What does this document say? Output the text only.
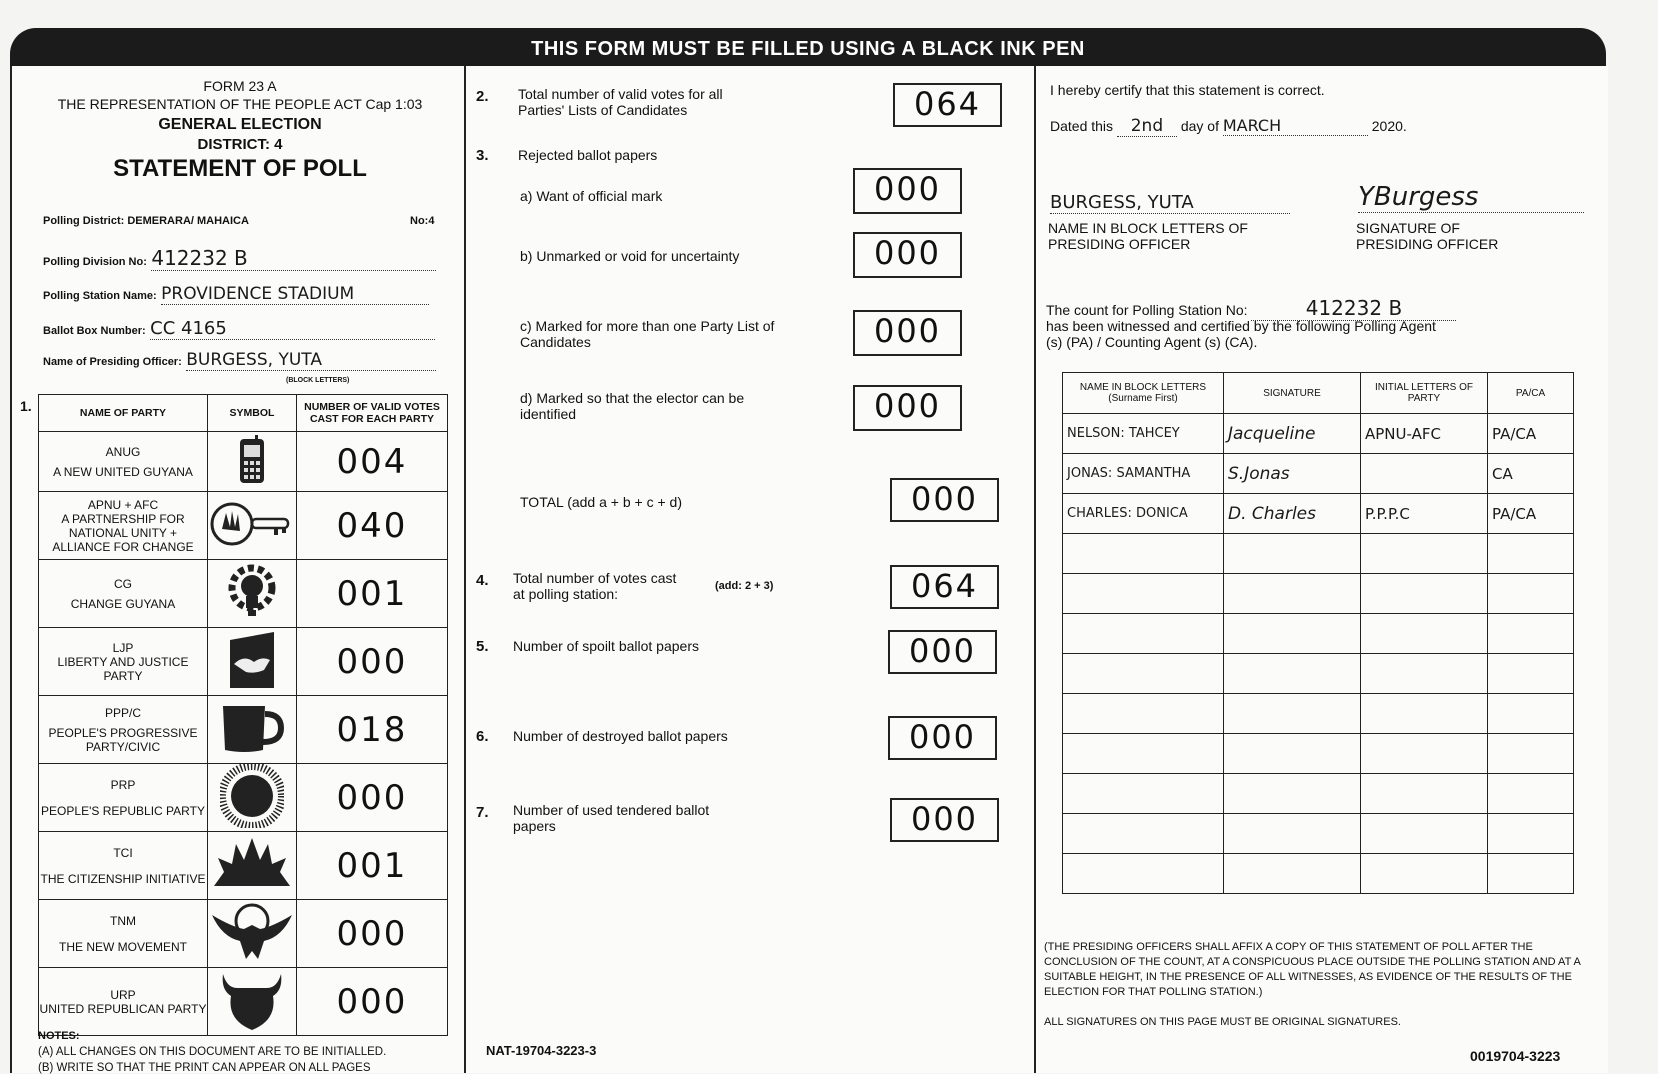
THIS FORM MUST BE FILLED USING A BLACK INK PEN
FORM 23 A
THE REPRESENTATION OF THE PEOPLE ACT Cap 1:03
GENERAL ELECTION
DISTRICT: 4
STATEMENT OF POLL
Polling District: DEMERARA/ MAHAICA	No:4
Polling Division No: 412232 B
Polling Station Name: PROVIDENCE STADIUM
Ballot Box Number: CC 4165
Name of Presiding Officer: BURGESS, YUTA
(BLOCK LETTERS)
1.	NAME OF PARTY	SYMBOL	NUMBER OF VALID VOTES CAST FOR EACH PARTY

ANUG
A NEW UNITED GUYANA		004

APNU + AFC
A PARTNERSHIP FOR NATIONAL UNITY + ALLIANCE FOR CHANGE		040

CG
CHANGE GUYANA		001

LJP
LIBERTY AND JUSTICE PARTY		000

PPP/C
PEOPLE'S PROGRESSIVE PARTY/CIVIC		018

PRP
PEOPLE'S REPUBLIC PARTY		000

TCI
THE CITIZENSHIP INITIATIVE		001

TNM
THE NEW MOVEMENT		000

URP
UNITED REPUBLICAN PARTY		000
NOTES:
(A) ALL CHANGES ON THIS DOCUMENT ARE TO BE INITIALLED.
(B) WRITE SO THAT THE PRINT CAN APPEAR ON ALL PAGES
2. Total number of valid votes for all Parties' Lists of Candidates	064
3. Rejected ballot papers
a) Want of official mark	000
b) Unmarked or void for uncertainty	000
c) Marked for more than one Party List of Candidates	000
d) Marked so that the elector can be identified	000
TOTAL (add a + b + c + d)	000
4. Total number of votes cast at polling station:	(add: 2 + 3)	064
5. Number of spoilt ballot papers	000
6. Number of destroyed ballot papers	000
7. Number of used tendered ballot papers	000
NAT-19704-3223-3
I hereby certify that this statement is correct.
Dated this 2nd day of MARCH	2020.
BURGESS, YUTA
NAME IN BLOCK LETTERS OF PRESIDING OFFICER
YBurgess
SIGNATURE OF PRESIDING OFFICER
The count for Polling Station No:	412232 B
has been witnessed and certified by the following Polling Agent (s) (PA) / Counting Agent (s) (CA).
NAME IN BLOCK LETTERS (Surname First)	SIGNATURE	INITIAL LETTERS OF PARTY	PA/CA
NELSON: TAHCEY	Jacqueline	APNU-AFC	PA/CA
JONAS: SAMANTHA	S.Jonas		CA
CHARLES: DONICA	D. Charles	P.P.P.C	PA/CA

(THE PRESIDING OFFICERS SHALL AFFIX A COPY OF THIS STATEMENT OF POLL AFTER THE CONCLUSION OF THE COUNT, AT A CONSPICUOUS PLACE OUTSIDE THE POLLING STATION AND AT A SUITABLE HEIGHT, IN THE PRESENCE OF ALL WITNESSES, AS EVIDENCE OF THE RESULTS OF THE ELECTION FOR THAT POLLING STATION.)
ALL SIGNATURES ON THIS PAGE MUST BE ORIGINAL SIGNATURES.
0019704-3223
